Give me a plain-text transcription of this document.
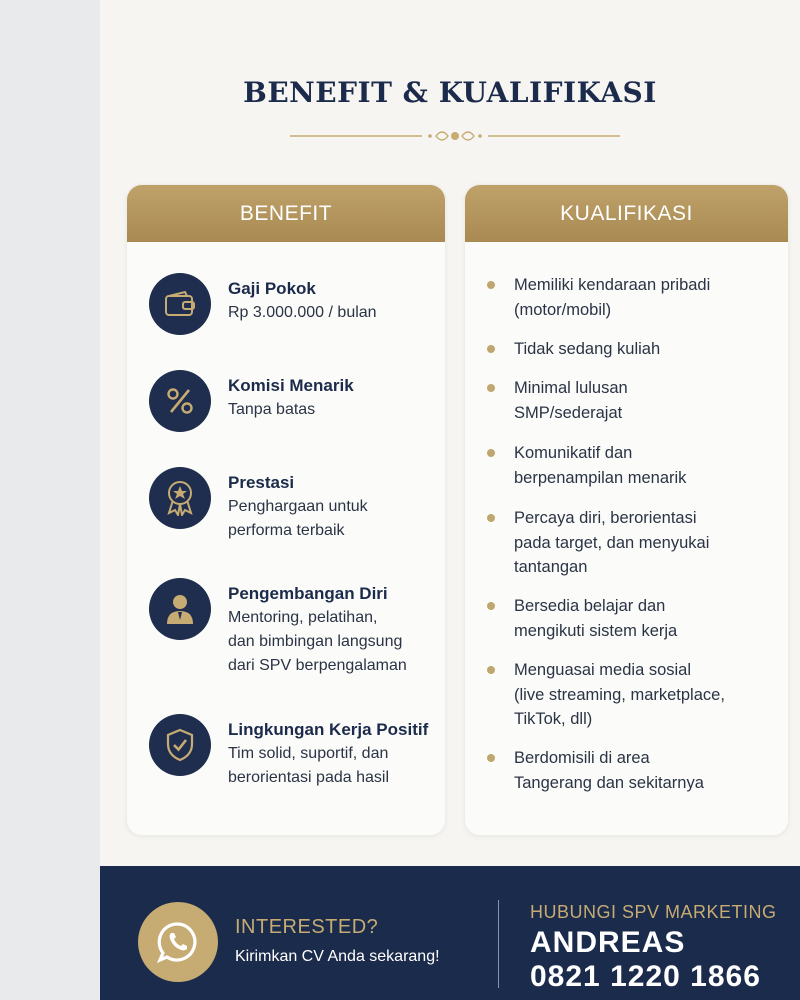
BENEFIT & KUALIFIKASI
BENEFIT
Gaji Pokok
Rp 3.000.000 / bulan
Komisi Menarik
Tanpa batas
Prestasi
Penghargaan untuk
performa terbaik
Pengembangan Diri
Mentoring, pelatihan,
dan bimbingan langsung
dari SPV berpengalaman
Lingkungan Kerja Positif
Tim solid, suportif, dan
berorientasi pada hasil
KUALIFIKASI
Memiliki kendaraan pribadi
(motor/mobil)
Tidak sedang kuliah
Minimal lulusan
SMP/sederajat
Komunikatif dan
berpenampilan menarik
Percaya diri, berorientasi
pada target, dan menyukai
tantangan
Bersedia belajar dan
mengikuti sistem kerja
Menguasai media sosial
(live streaming, marketplace,
TikTok, dll)
Berdomisili di area
Tangerang dan sekitarnya
INTERESTED?
Kirimkan CV Anda sekarang!
HUBUNGI SPV MARKETING
ANDREAS
0821 1220 1866
